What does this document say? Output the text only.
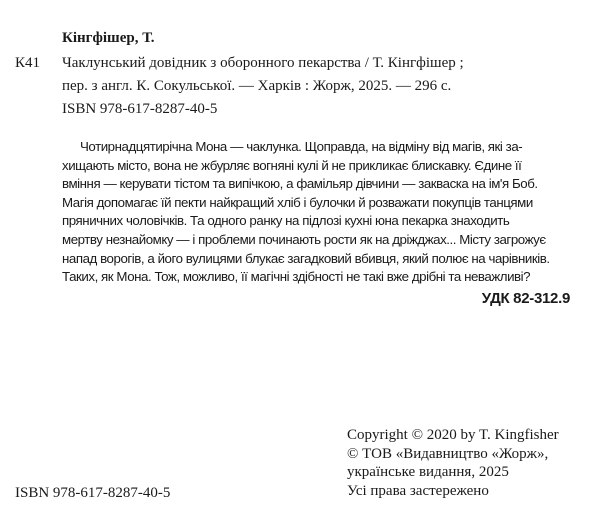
Кінгфішер, Т.
К41 Чаклунський довідник з оборонного пекарства / Т. Кінгфішер ;
пер. з англ. К. Сокульської. — Харків : Жорж, 2025. — 296 с.
ISBN 978-617-8287-40-5
Чотирнадцятирічна Мона — чаклунка. Щоправда, на відміну від магів, які за-
хищають місто, вона не жбурляє вогняні кулі й не прикликає блискавку. Єдине її
вміння — керувати тістом та випічкою, а фамільяр дівчини — закваска на ім'я Боб.
Магія допомагає їй пекти найкращий хліб і булочки й розважати покупців танцями
пряничних чоловічків. Та одного ранку на підлозі кухні юна пекарка знаходить
мертву незнайомку — і проблеми починають рости як на дріжджах... Місту загрожує
напад ворогів, а його вулицями блукає загадковий вбивця, який полює на чарівників.
Таких, як Мона. Тож, можливо, її магічні здібності не такі вже дрібні та неважливі?
УДК 82-312.9
ISBN 978-617-8287-40-5
Copyright © 2020 by T. Kingfisher
© ТОВ «Видавництво «Жорж»,
українське видання, 2025
Усі права застережено
